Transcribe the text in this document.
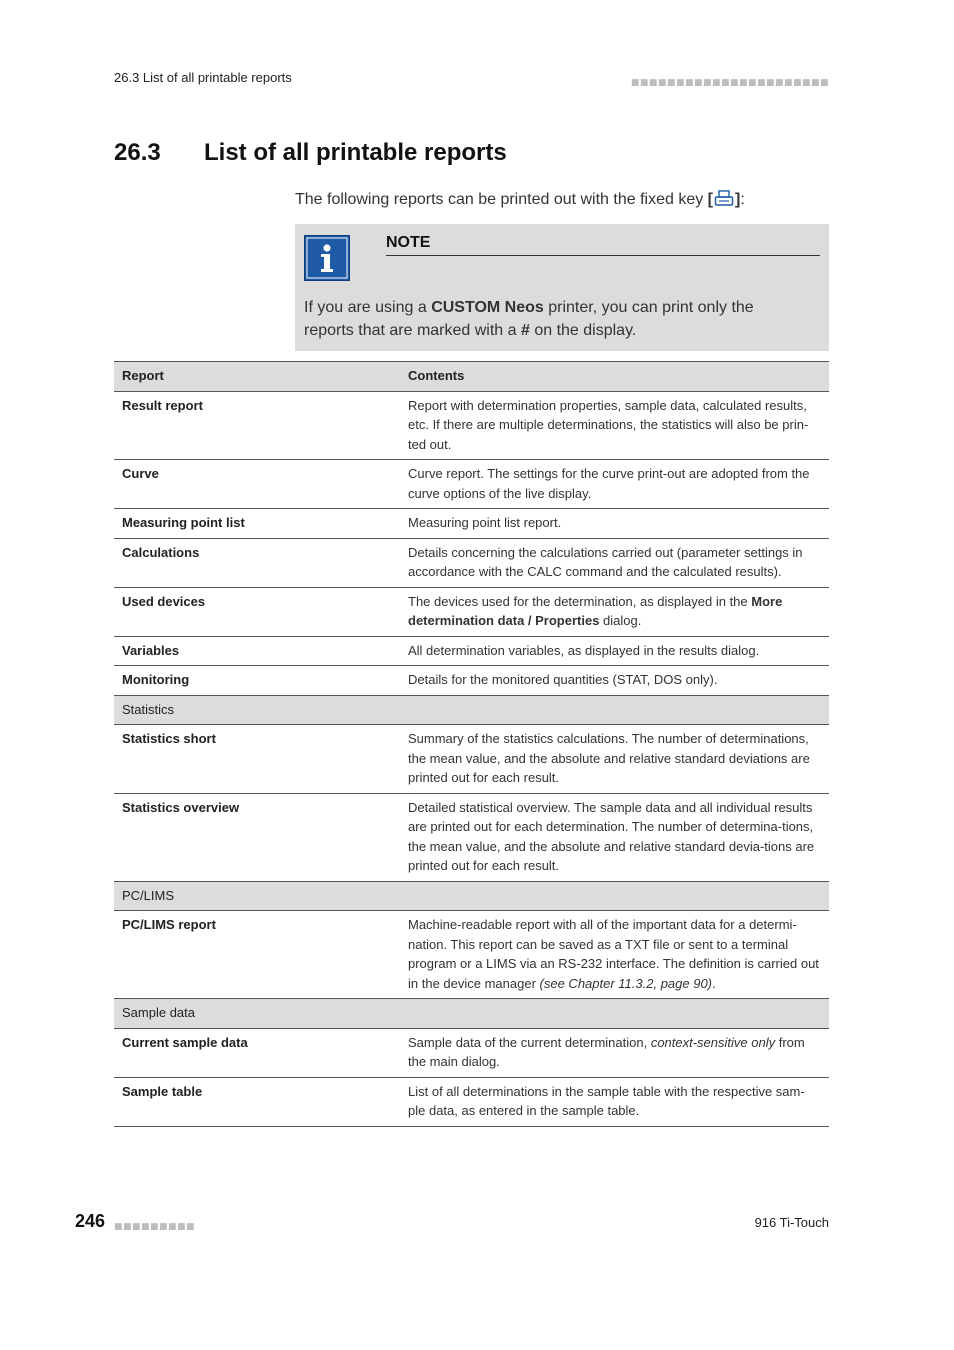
26.3 List of all printable reports	■■■■■■■■■■■■■■■■■■■■■■
26.3 List of all printable reports
The following reports can be printed out with the fixed key [ ]:
NOTE
If you are using a CUSTOM Neos printer, you can print only the reports that are marked with a # on the display.
Report	Contents
Result report	Report with determination properties, sample data, calculated results, etc. If there are multiple determinations, the statistics will also be prin-ted out.
Curve	Curve report. The settings for the curve print-out are adopted from the curve options of the live display.
Measuring point list	Measuring point list report.
Calculations	Details concerning the calculations carried out (parameter settings in accordance with the CALC command and the calculated results).
Used devices	The devices used for the determination, as displayed in the More determination data / Properties dialog.
Variables	All determination variables, as displayed in the results dialog.
Monitoring	Details for the monitored quantities (STAT, DOS only).
Statistics	
Statistics short	Summary of the statistics calculations. The number of determinations, the mean value, and the absolute and relative standard deviations are printed out for each result.
Statistics overview	Detailed statistical overview. The sample data and all individual results are printed out for each determination. The number of determina-tions, the mean value, and the absolute and relative standard devia-tions are printed out for each result.
PC/LIMS	
PC/LIMS report	Machine-readable report with all of the important data for a determi-nation. This report can be saved as a TXT file or sent to a terminal program or a LIMS via an RS-232 interface. The definition is carried out in the device manager (see Chapter 11.3.2, page 90).
Sample data	
Current sample data	Sample data of the current determination, context-sensitive only from the main dialog.
Sample table	List of all determinations in the sample table with the respective sam-ple data, as entered in the sample table.
246 ■■■■■■■■■	916 Ti-Touch
